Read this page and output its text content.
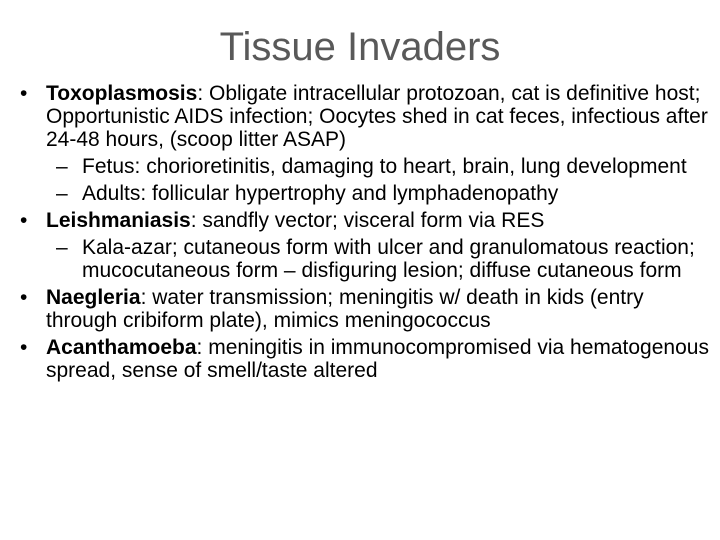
Tissue Invaders
• Toxoplasmosis: Obligate intracellular protozoan, cat is definitive host; Opportunistic AIDS infection; Oocytes shed in cat feces, infectious after 24-48 hours, (scoop litter ASAP)
– Fetus: chorioretinitis, damaging to heart, brain, lung development
– Adults: follicular hypertrophy and lymphadenopathy
• Leishmaniasis: sandfly vector; visceral form via RES
– Kala-azar; cutaneous form with ulcer and granulomatous reaction; mucocutaneous form – disfiguring lesion; diffuse cutaneous form
• Naegleria: water transmission; meningitis w/ death in kids (entry through cribiform plate), mimics meningococcus
• Acanthamoeba: meningitis in immunocompromised via hematogenous spread, sense of smell/taste altered
